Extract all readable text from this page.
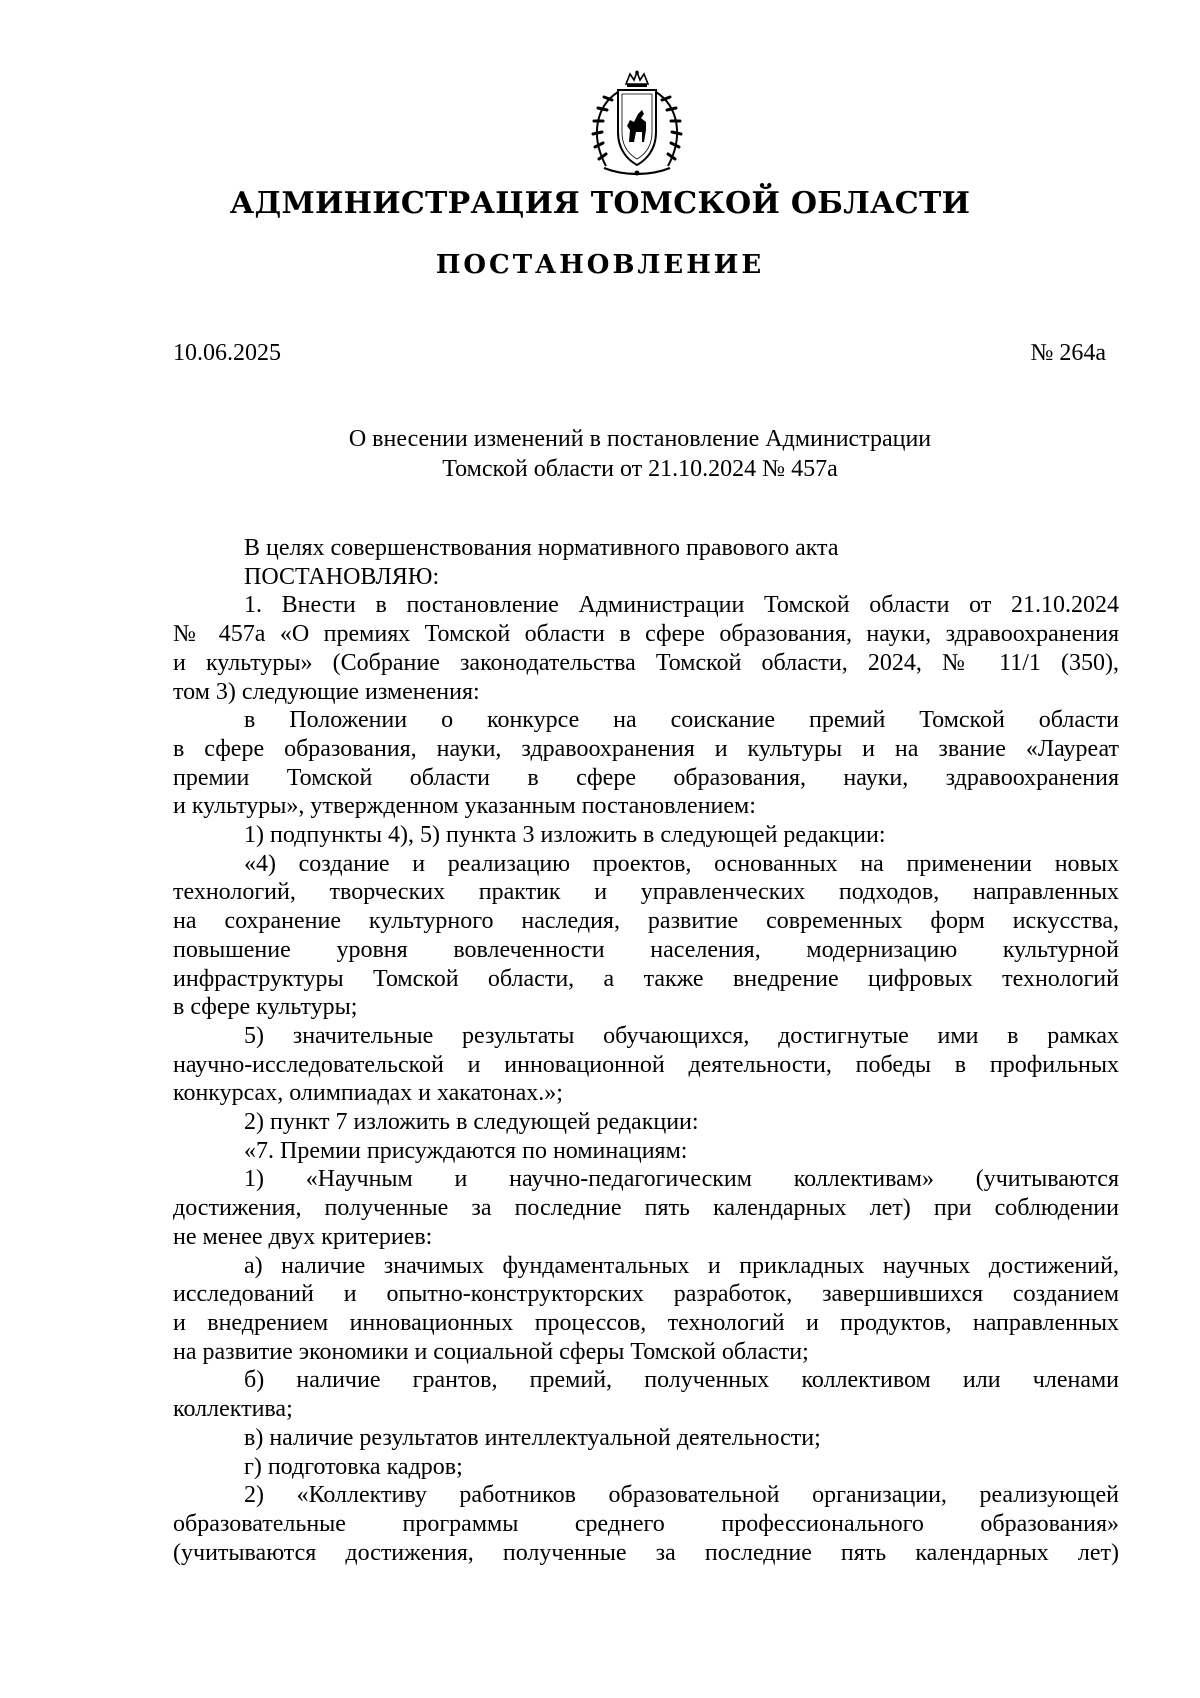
АДМИНИСТРАЦИЯ ТОМСКОЙ ОБЛАСТИ
ПОСТАНОВЛЕНИЕ
10.06.2025	№ 264а
О внесении изменений в постановление Администрации
Томской области от 21.10.2024 № 457а

В целях совершенствования нормативного правового акта

ПОСТАНОВЛЯЮ:

1. Внести в постановление Администрации Томской области от 21.10.2024

№ 457а «О премиях Томской области в сфере образования, науки, здравоохранения

и культуры» (Собрание законодательства Томской области, 2024, № 11/1 (350),

том 3) следующие изменения:

в Положении о конкурсе на соискание премий Томской области

в сфере образования, науки, здравоохранения и культуры и на звание «Лауреат

премии Томской области в сфере образования, науки, здравоохранения

и культуры», утвержденном указанным постановлением:

1) подпункты 4), 5) пункта 3 изложить в следующей редакции:

«4) создание и реализацию проектов, основанных на применении новых

технологий, творческих практик и управленческих подходов, направленных

на сохранение культурного наследия, развитие современных форм искусства,

повышение уровня вовлеченности населения, модернизацию культурной

инфраструктуры Томской области, а также внедрение цифровых технологий

в сфере культуры;

5) значительные результаты обучающихся, достигнутые ими в рамках

научно-исследовательской и инновационной деятельности, победы в профильных

конкурсах, олимпиадах и хакатонах.»;

2) пункт 7 изложить в следующей редакции:

«7. Премии присуждаются по номинациям:

1) «Научным и научно-педагогическим коллективам» (учитываются

достижения, полученные за последние пять календарных лет) при соблюдении

не менее двух критериев:

а) наличие значимых фундаментальных и прикладных научных достижений,

исследований и опытно-конструкторских разработок, завершившихся созданием

и внедрением инновационных процессов, технологий и продуктов, направленных

на развитие экономики и социальной сферы Томской области;

б) наличие грантов, премий, полученных коллективом или членами

коллектива;

в) наличие результатов интеллектуальной деятельности;

г) подготовка кадров;

2) «Коллективу работников образовательной организации, реализующей

образовательные программы среднего профессионального образования»

(учитываются достижения, полученные за последние пять календарных лет)
